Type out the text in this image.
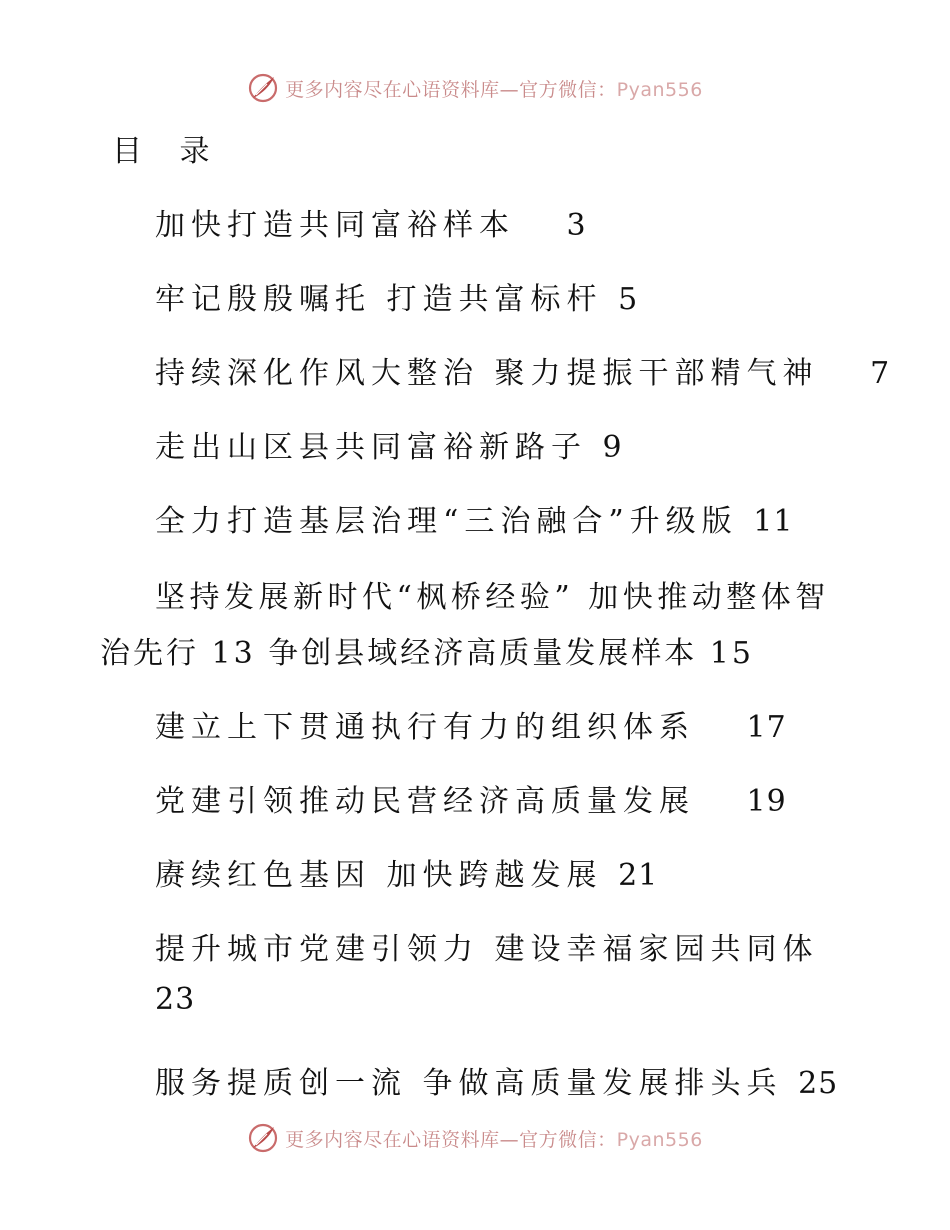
更多内容尽在心语资料库—官方微信：Pyan556
目 录
加快打造共同富裕样本　 3
牢记殷殷嘱托 打造共富标杆 5
持续深化作风大整治 聚力提振干部精气神　 7
走出山区县共同富裕新路子 9
全力打造基层治理“三治融合”升级版 11
坚持发展新时代“枫桥经验” 加快推动整体智
治先行 13 争创县域经济高质量发展样本 15
建立上下贯通执行有力的组织体系　 17
党建引领推动民营经济高质量发展　 19
赓续红色基因 加快跨越发展 21
提升城市党建引领力 建设幸福家园共同体
23
服务提质创一流 争做高质量发展排头兵 25
更多内容尽在心语资料库—官方微信：Pyan556
